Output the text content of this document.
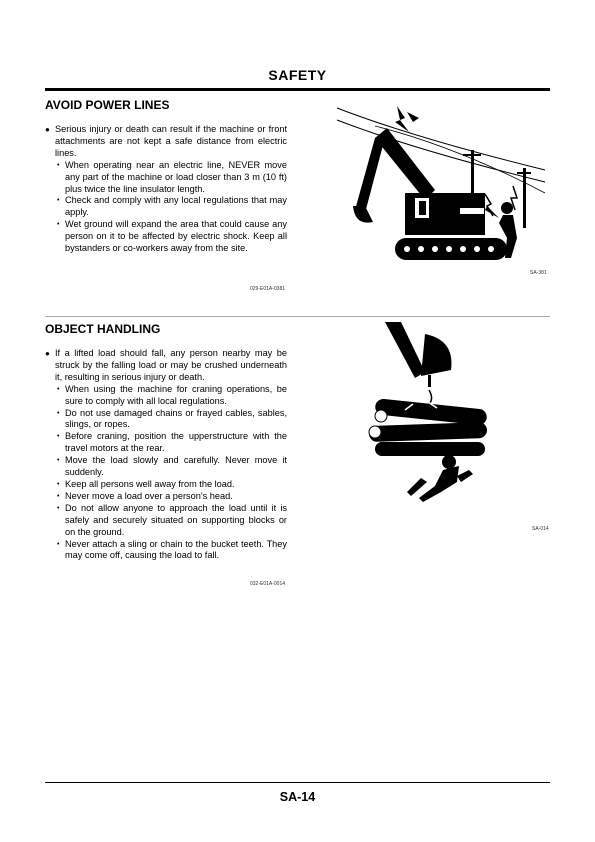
SAFETY
AVOID POWER LINES
● Serious injury or death can result if the machine or front attachments are not kept a safe distance from electric lines.
• When operating near an electric line, NEVER move any part of the machine or load closer than 3 m (10 ft) plus twice the line insulator length.
• Check and comply with any local regulations that may apply.
• Wet ground will expand the area that could cause any person on it to be affected by electric shock. Keep all bystanders or co-workers away from the site.
029-E01A-0381
SA-381
OBJECT HANDLING
● If a lifted load should fall, any person nearby may be struck by the falling load or may be crushed underneath it, resulting in serious injury or death.
• When using the machine for craning operations, be sure to comply with all local regulations.
• Do not use damaged chains or frayed cables, sables, slings, or ropes.
• Before craning, position the upperstructure with the travel motors at the rear.
• Move the load slowly and carefully. Never move it suddenly.
• Keep all persons well away from the load.
• Never move a load over a person's head.
• Do not allow anyone to approach the load until it is safely and securely situated on supporting blocks or on the ground.
• Never attach a sling or chain to the bucket teeth. They may come off, causing the load to fall.
032-E01A-0014
SA-014
SA-14
